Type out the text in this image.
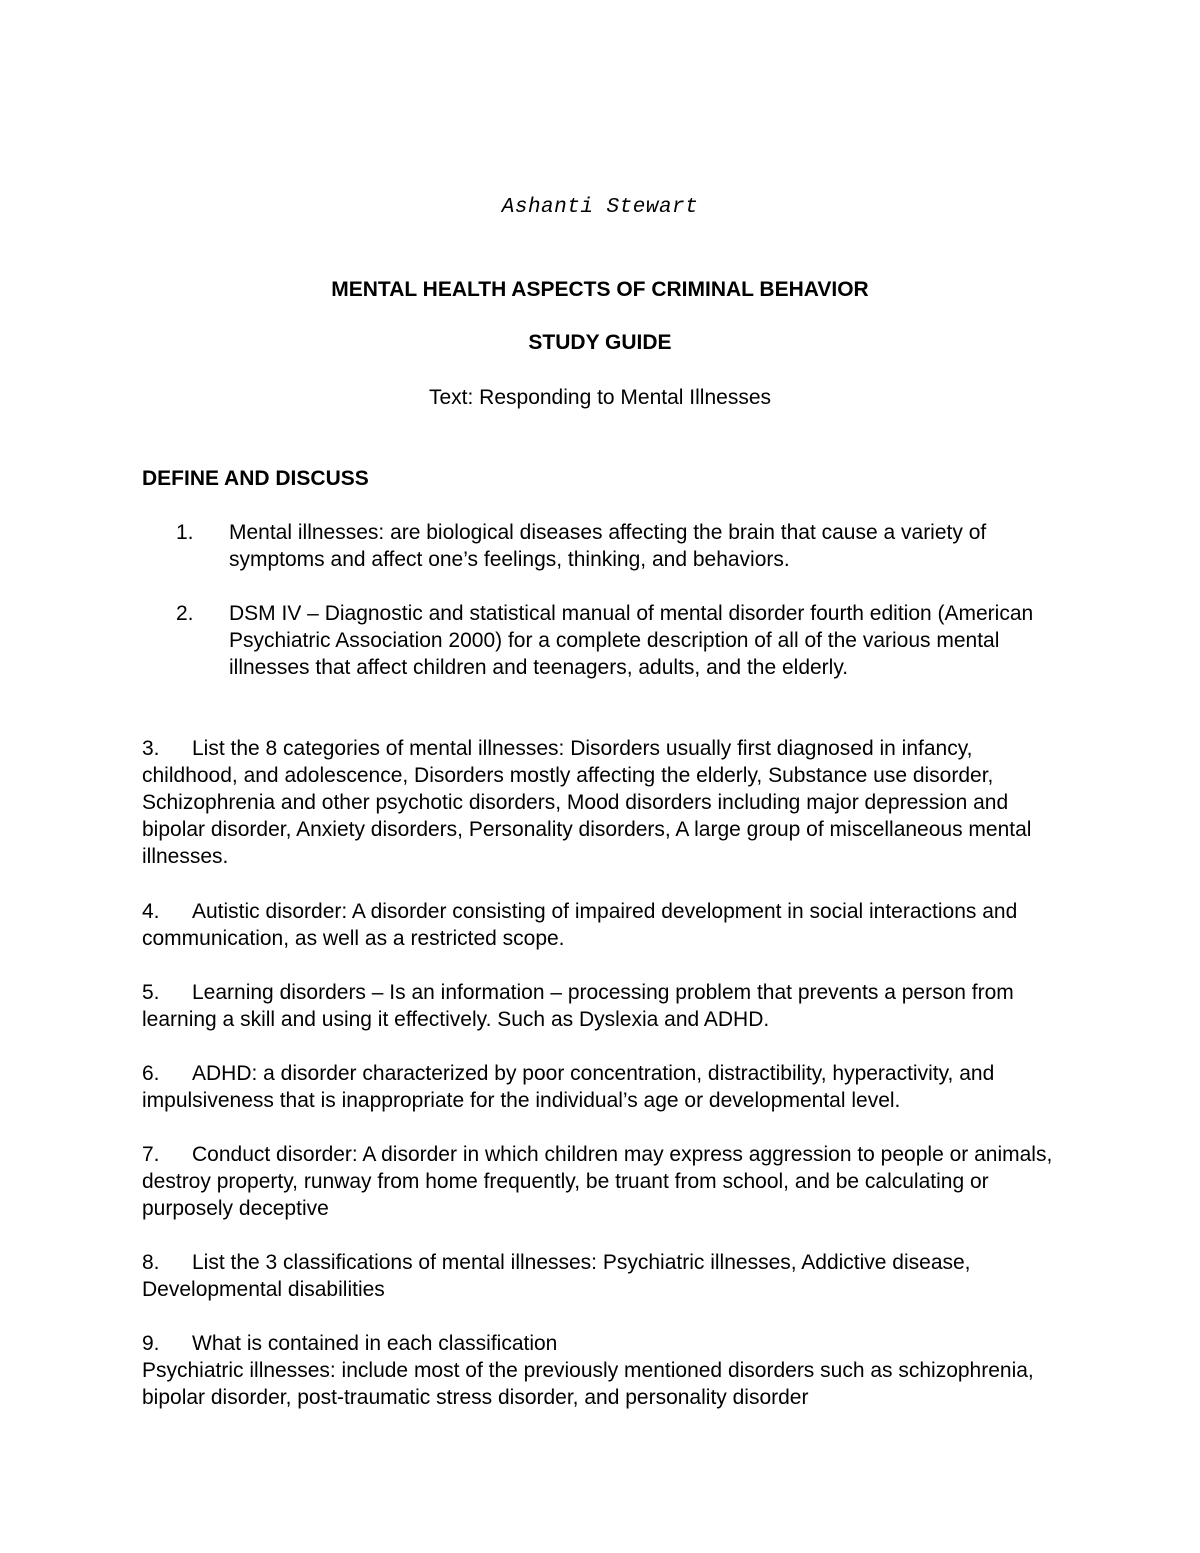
Ashanti Stewart
MENTAL HEALTH ASPECTS OF CRIMINAL BEHAVIOR
STUDY GUIDE
Text: Responding to Mental Illnesses
DEFINE AND DISCUSS
1. Mental illnesses: are biological diseases affecting the brain that cause a variety of symptoms and affect one’s feelings, thinking, and behaviors.
2. DSM IV – Diagnostic and statistical manual of mental disorder fourth edition (American Psychiatric Association 2000) for a complete description of all of the various mental illnesses that affect children and teenagers, adults, and the elderly.
3. List the 8 categories of mental illnesses: Disorders usually first diagnosed in infancy, childhood, and adolescence, Disorders mostly affecting the elderly, Substance use disorder, Schizophrenia and other psychotic disorders, Mood disorders including major depression and bipolar disorder, Anxiety disorders, Personality disorders, A large group of miscellaneous mental illnesses.
4. Autistic disorder: A disorder consisting of impaired development in social interactions and communication, as well as a restricted scope.
5. Learning disorders – Is an information – processing problem that prevents a person from learning a skill and using it effectively. Such as Dyslexia and ADHD.
6. ADHD: a disorder characterized by poor concentration, distractibility, hyperactivity, and impulsiveness that is inappropriate for the individual’s age or developmental level.
7. Conduct disorder: A disorder in which children may express aggression to people or animals, destroy property, runway from home frequently, be truant from school, and be calculating or purposely deceptive
8. List the 3 classifications of mental illnesses: Psychiatric illnesses, Addictive disease, Developmental disabilities
9. What is contained in each classification
Psychiatric illnesses: include most of the previously mentioned disorders such as schizophrenia, bipolar disorder, post-traumatic stress disorder, and personality disorder
